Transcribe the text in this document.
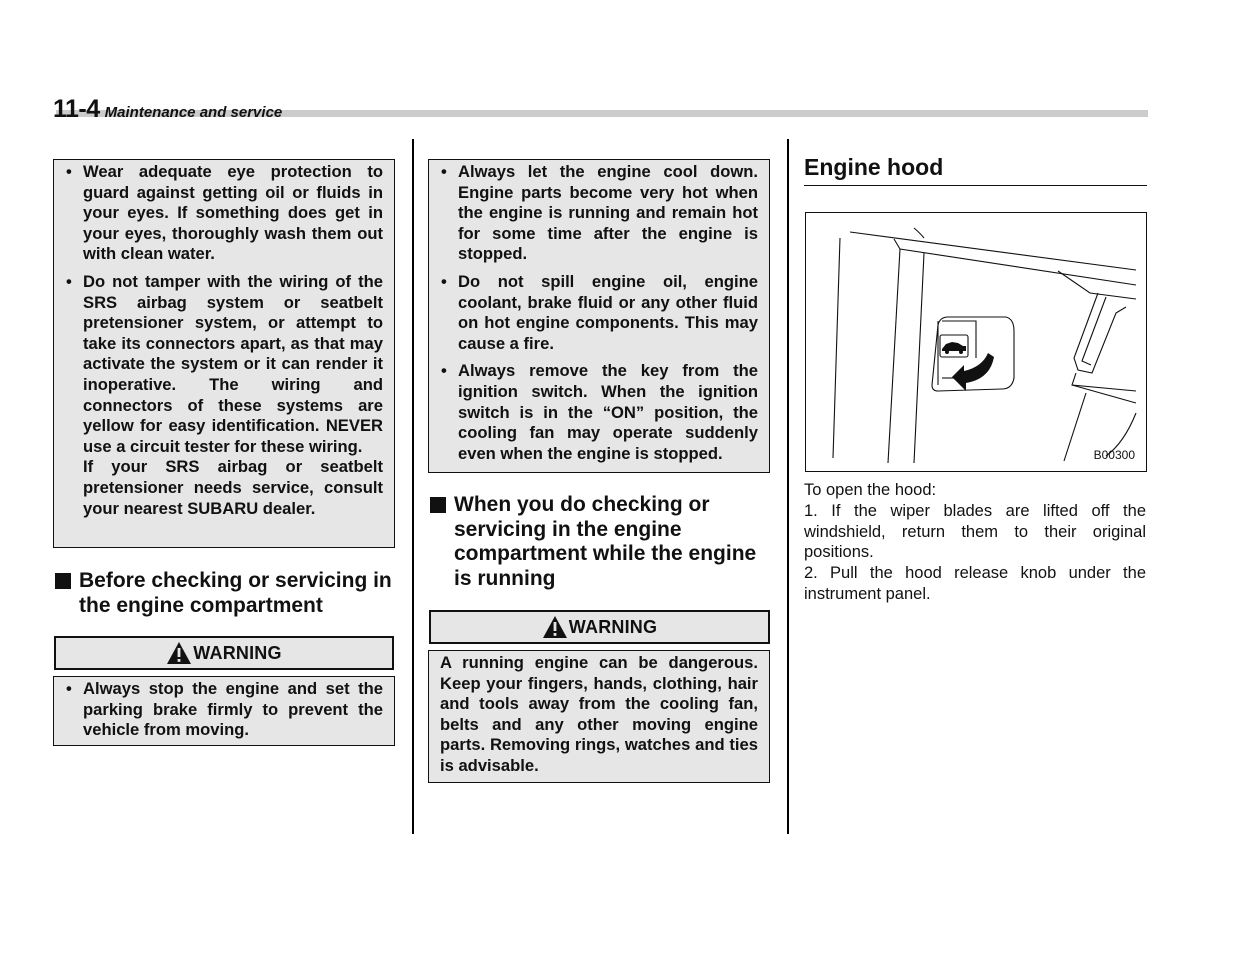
11-4 Maintenance and service
• Wear adequate eye protection to guard against getting oil or fluids in your eyes. If something does get in your eyes, thoroughly wash them out with clean water.
• Do not tamper with the wiring of the SRS airbag system or seatbelt pretensioner system, or attempt to take its connectors apart, as that may activate the system or it can render it inoperative. The wiring and connectors of these systems are yellow for easy identification. NEVER use a circuit tester for these wiring.
If your SRS airbag or seatbelt pretensioner needs service, consult your nearest SUBARU dealer.
Before checking or servicing in the engine compartment
WARNING
• Always stop the engine and set the parking brake firmly to prevent the vehicle from moving.
• Always let the engine cool down. Engine parts become very hot when the engine is running and remain hot for some time after the engine is stopped.
• Do not spill engine oil, engine coolant, brake fluid or any other fluid on hot engine components. This may cause a fire.
• Always remove the key from the ignition switch. When the ignition switch is in the “ON” position, the cooling fan may operate suddenly even when the engine is stopped.
When you do checking or servicing in the engine compartment while the engine is running
WARNING
A running engine can be dangerous. Keep your fingers, hands, clothing, hair and tools away from the cooling fan, belts and any other moving engine parts. Removing rings, watches and ties is advisable.
Engine hood
B00300

To open the hood:

1. If the wiper blades are lifted off the windshield, return them to their original positions.

2. Pull the hood release knob under the instrument panel.
